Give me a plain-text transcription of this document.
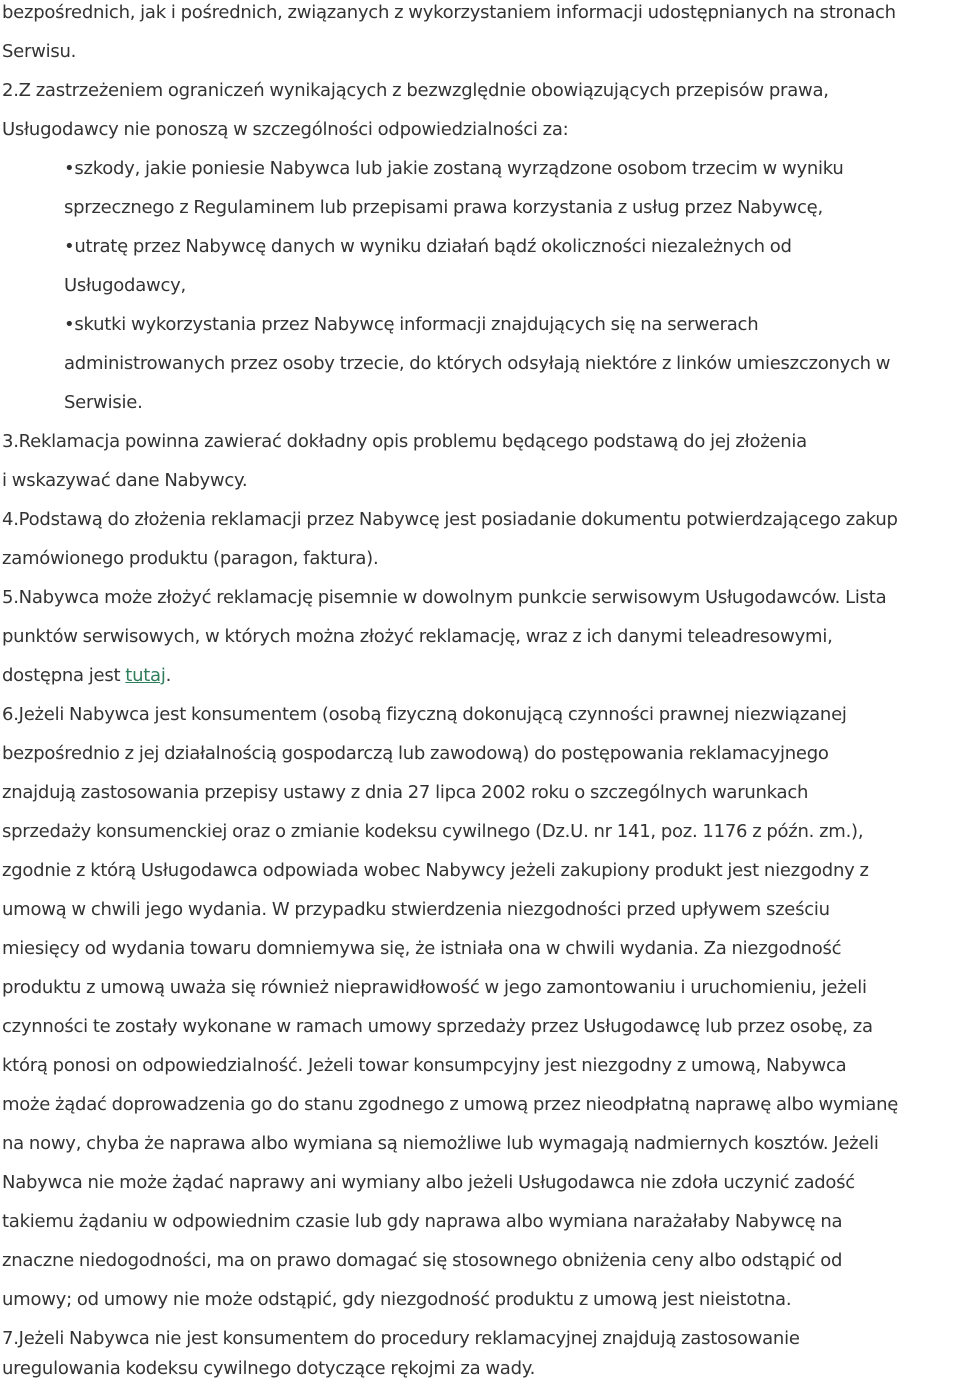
bezpośrednich, jak i pośrednich, związanych z wykorzystaniem informacji udostępnianych na stronach
Serwisu.
2.Z zastrzeżeniem ograniczeń wynikających z bezwzględnie obowiązujących przepisów prawa,
Usługodawcy nie ponoszą w szczególności odpowiedzialności za:
•szkody, jakie poniesie Nabywca lub jakie zostaną wyrządzone osobom trzecim w wyniku
sprzecznego z Regulaminem lub przepisami prawa korzystania z usług przez Nabywcę,
•utratę przez Nabywcę danych w wyniku działań bądź okoliczności niezależnych od
Usługodawcy,
•skutki wykorzystania przez Nabywcę informacji znajdujących się na serwerach
administrowanych przez osoby trzecie, do których odsyłają niektóre z linków umieszczonych w
Serwisie.
3.Reklamacja powinna zawierać dokładny opis problemu będącego podstawą do jej złożenia
i wskazywać dane Nabywcy.
4.Podstawą do złożenia reklamacji przez Nabywcę jest posiadanie dokumentu potwierdzającego zakup
zamówionego produktu (paragon, faktura).
5.Nabywca może złożyć reklamację pisemnie w dowolnym punkcie serwisowym Usługodawców. Lista
punktów serwisowych, w których można złożyć reklamację, wraz z ich danymi teleadresowymi,
dostępna jest tutaj.
6.Jeżeli Nabywca jest konsumentem (osobą fizyczną dokonującą czynności prawnej niezwiązanej
bezpośrednio z jej działalnością gospodarczą lub zawodową) do postępowania reklamacyjnego
znajdują zastosowania przepisy ustawy z dnia 27 lipca 2002 roku o szczególnych warunkach
sprzedaży konsumenckiej oraz o zmianie kodeksu cywilnego (Dz.U. nr 141, poz. 1176 z późn. zm.),
zgodnie z którą Usługodawca odpowiada wobec Nabywcy jeżeli zakupiony produkt jest niezgodny z
umową w chwili jego wydania. W przypadku stwierdzenia niezgodności przed upływem sześciu
miesięcy od wydania towaru domniemywa się, że istniała ona w chwili wydania. Za niezgodność
produktu z umową uważa się również nieprawidłowość w jego zamontowaniu i uruchomieniu, jeżeli
czynności te zostały wykonane w ramach umowy sprzedaży przez Usługodawcę lub przez osobę, za
którą ponosi on odpowiedzialność. Jeżeli towar konsumpcyjny jest niezgodny z umową, Nabywca
może żądać doprowadzenia go do stanu zgodnego z umową przez nieodpłatną naprawę albo wymianę
na nowy, chyba że naprawa albo wymiana są niemożliwe lub wymagają nadmiernych kosztów. Jeżeli
Nabywca nie może żądać naprawy ani wymiany albo jeżeli Usługodawca nie zdoła uczynić zadość
takiemu żądaniu w odpowiednim czasie lub gdy naprawa albo wymiana narażałaby Nabywcę na
znaczne niedogodności, ma on prawo domagać się stosownego obniżenia ceny albo odstąpić od
umowy; od umowy nie może odstąpić, gdy niezgodność produktu z umową jest nieistotna.
7.Jeżeli Nabywca nie jest konsumentem do procedury reklamacyjnej znajdują zastosowanie
uregulowania kodeksu cywilnego dotyczące rękojmi za wady.
